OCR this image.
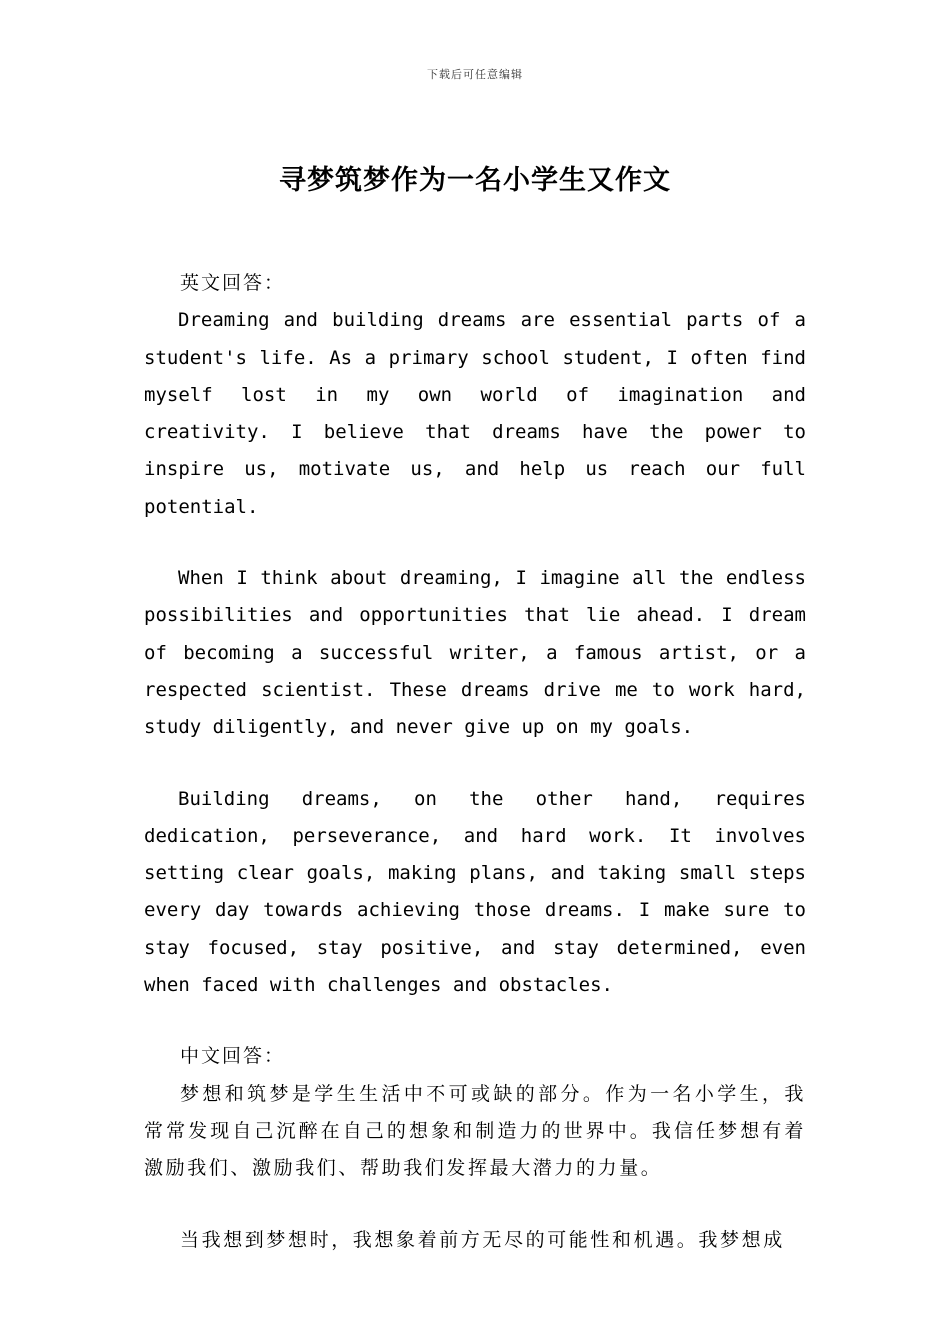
下载后可任意编辑
寻梦筑梦作为一名小学生又作文

英文回答：

Dreaming and building dreams are essential parts of a student's life. As a primary school student, I often find myself lost in my own world of imagination and creativity. I believe that dreams have the power to inspire us, motivate us, and help us reach our full potential.

When I think about dreaming, I imagine all the endless possibilities and opportunities that lie ahead. I dream of becoming a successful writer, a famous artist, or a respected scientist. These dreams drive me to work hard, study diligently, and never give up on my goals.

Building dreams, on the other hand, requires dedication, perseverance, and hard work. It involves setting clear goals, making plans, and taking small steps every day towards achieving those dreams. I make sure to stay focused, stay positive, and stay determined, even when faced with challenges and obstacles.

中文回答：

梦想和筑梦是学生生活中不可或缺的部分。作为一名小学生，我常常发现自己沉醉在自己的想象和制造力的世界中。我信任梦想有着激励我们、激励我们、帮助我们发挥最大潜力的力量。

当我想到梦想时，我想象着前方无尽的可能性和机遇。我梦想成
